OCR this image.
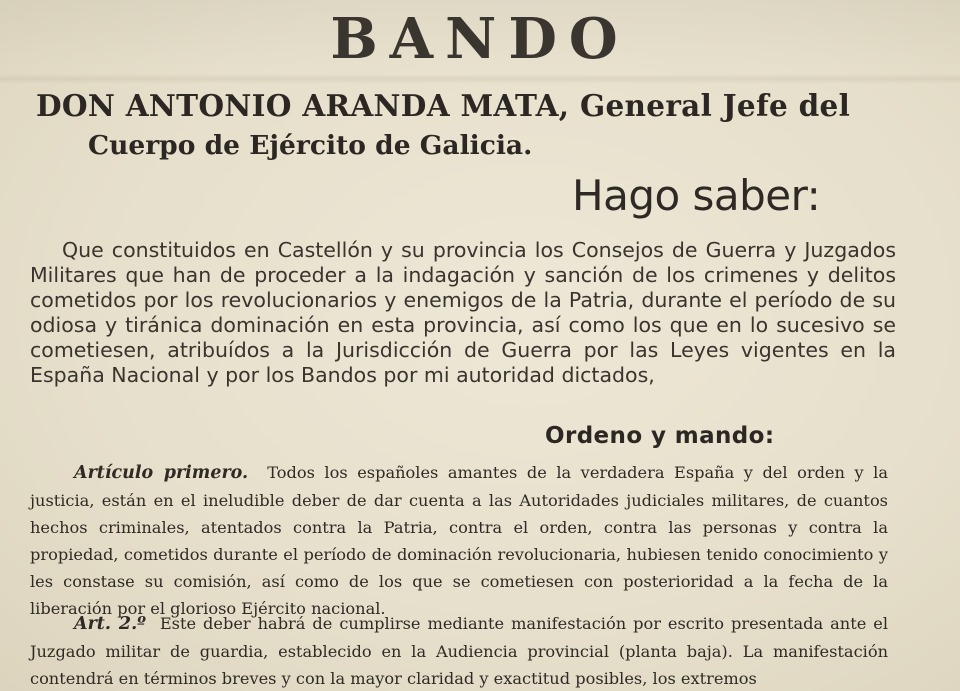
BANDO
DON ANTONIO ARANDA MATA, General Jefe del
Cuerpo de Ejército de Galicia.
Hago saber:

Que constituidos en Castellón y su provincia los Consejos de Guerra y Juzgados Militares que han de proceder a la indagación y sanción de los crimenes y delitos cometidos por los revolucionarios y enemigos de la Patria, durante el período de su odiosa y tiránica dominación en esta provincia, así como los que en lo sucesivo se cometiesen, atribuídos a la Jurisdicción de Guerra por las Leyes vigentes en la España Nacional y por los Bandos por mi autoridad dictados,

Ordeno y mando:

Artículo primero. Todos los españoles amantes de la verdadera España y del orden y la justicia, están en el ineludible deber de dar cuenta a las Autoridades judiciales militares, de cuantos hechos criminales, atentados contra la Patria, contra el orden, contra las personas y contra la propiedad, cometidos durante el período de dominación revolucionaria, hubiesen tenido conocimiento y les constase su comisión, así como de los que se cometiesen con posterioridad a la fecha de la liberación por el glorioso Ejército nacional.

Art. 2.º Este deber habrá de cumplirse mediante manifestación por escrito presentada ante el Juzgado militar de guardia, establecido en la Audiencia provincial (planta baja). La manifestación contendrá en términos breves y con la mayor claridad y exactitud posibles, los extremos
